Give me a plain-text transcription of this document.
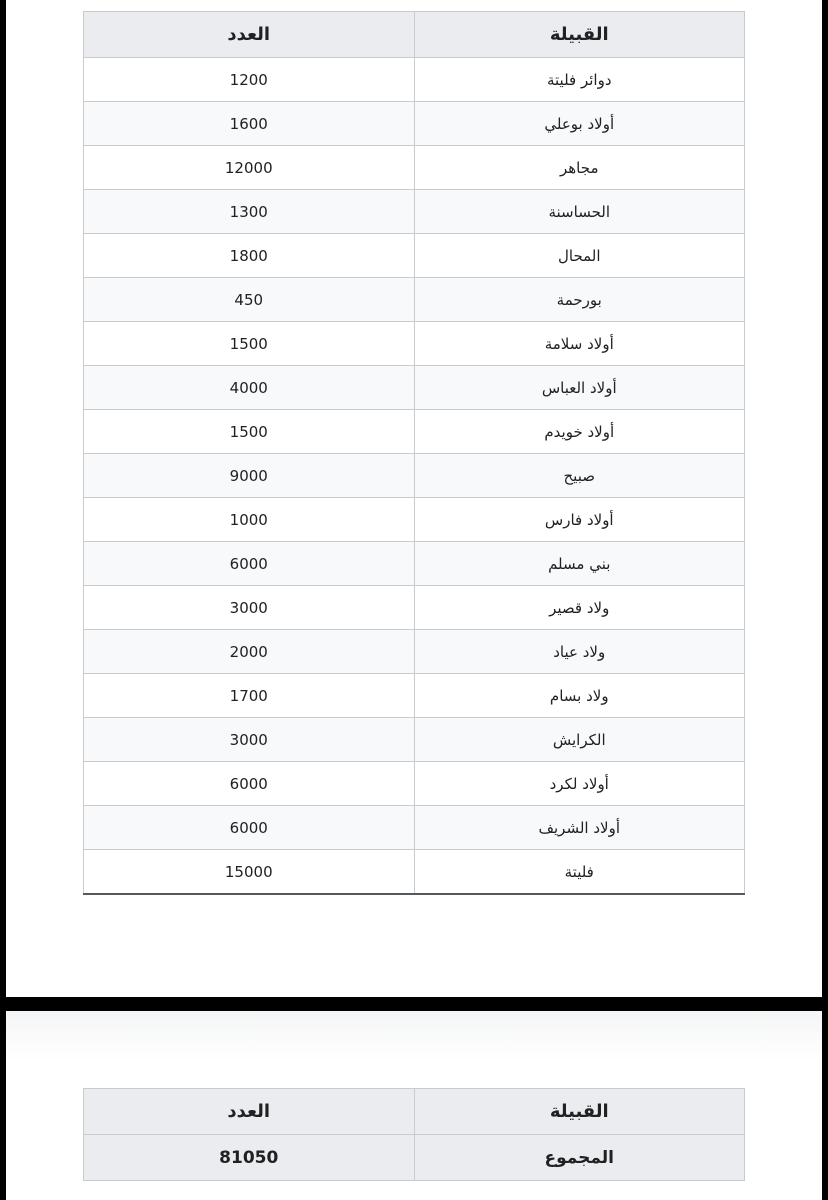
القبيلة	العدد
دوائر فليتة	1200
أولاد بوعلي	1600
مجاهر	12000
الحساسنة	1300
المحال	1800
بورحمة	450
أولاد سلامة	1500
أولاد العباس	4000
أولاد خويدم	1500
صبيح	9000
أولاد فارس	1000
بني مسلم	6000
ولاد قصير	3000
ولاد عياد	2000
ولاد بسام	1700
الكرايش	3000
أولاد لكرد	6000
أولاد الشريف	6000
فليتة	15000
القبيلة	العدد
المجموع	81050
